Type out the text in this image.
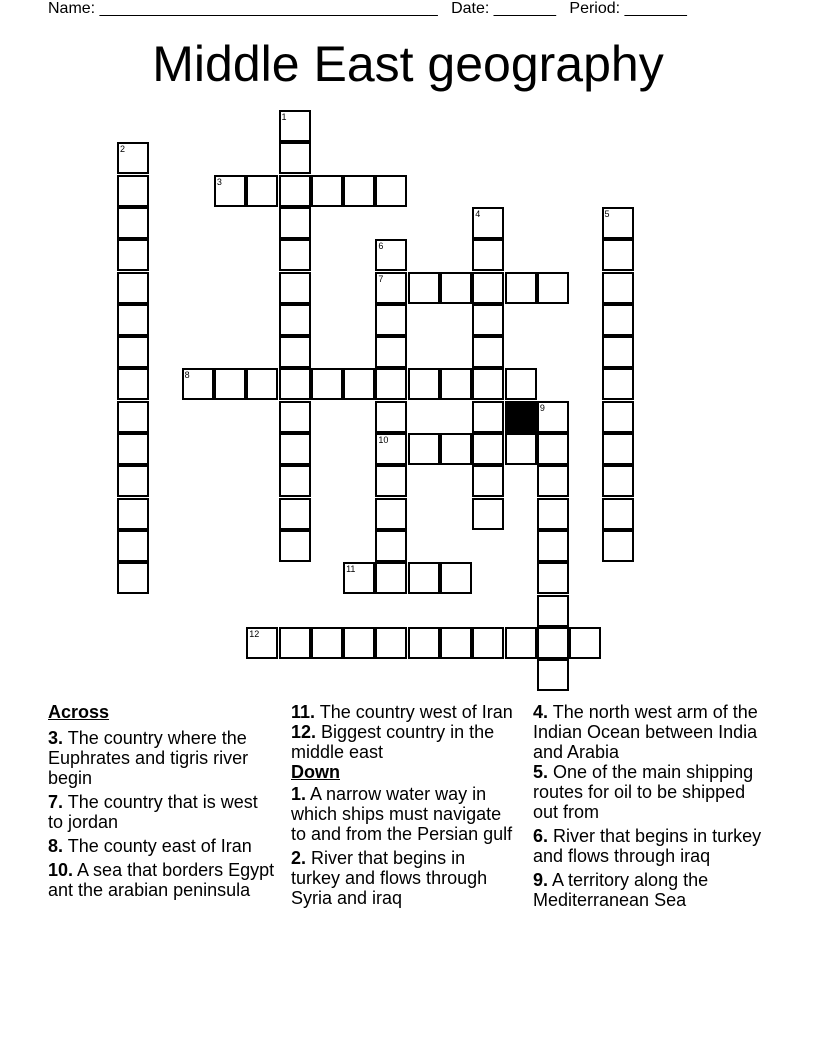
Name: ______________________________________ Date: _______ Period: _______
Middle East geography
1
2
3
4	5
6
7
10
8
9
11
12
Across
3. The country where the Euphrates and tigris river begin
7. The country that is west to jordan
8. The county east of Iran
10. A sea that borders Egypt ant the arabian peninsula
11. The country west of Iran
12. Biggest country in the middle east
Down
1. A narrow water way in which ships must navigate to and from the Persian gulf
2. River that begins in turkey and flows through Syria and iraq
4. The north west arm of the Indian Ocean between India and Arabia
5. One of the main shipping routes for oil to be shipped out from
6. River that begins in turkey and flows through iraq
9. A territory along the Mediterranean Sea
